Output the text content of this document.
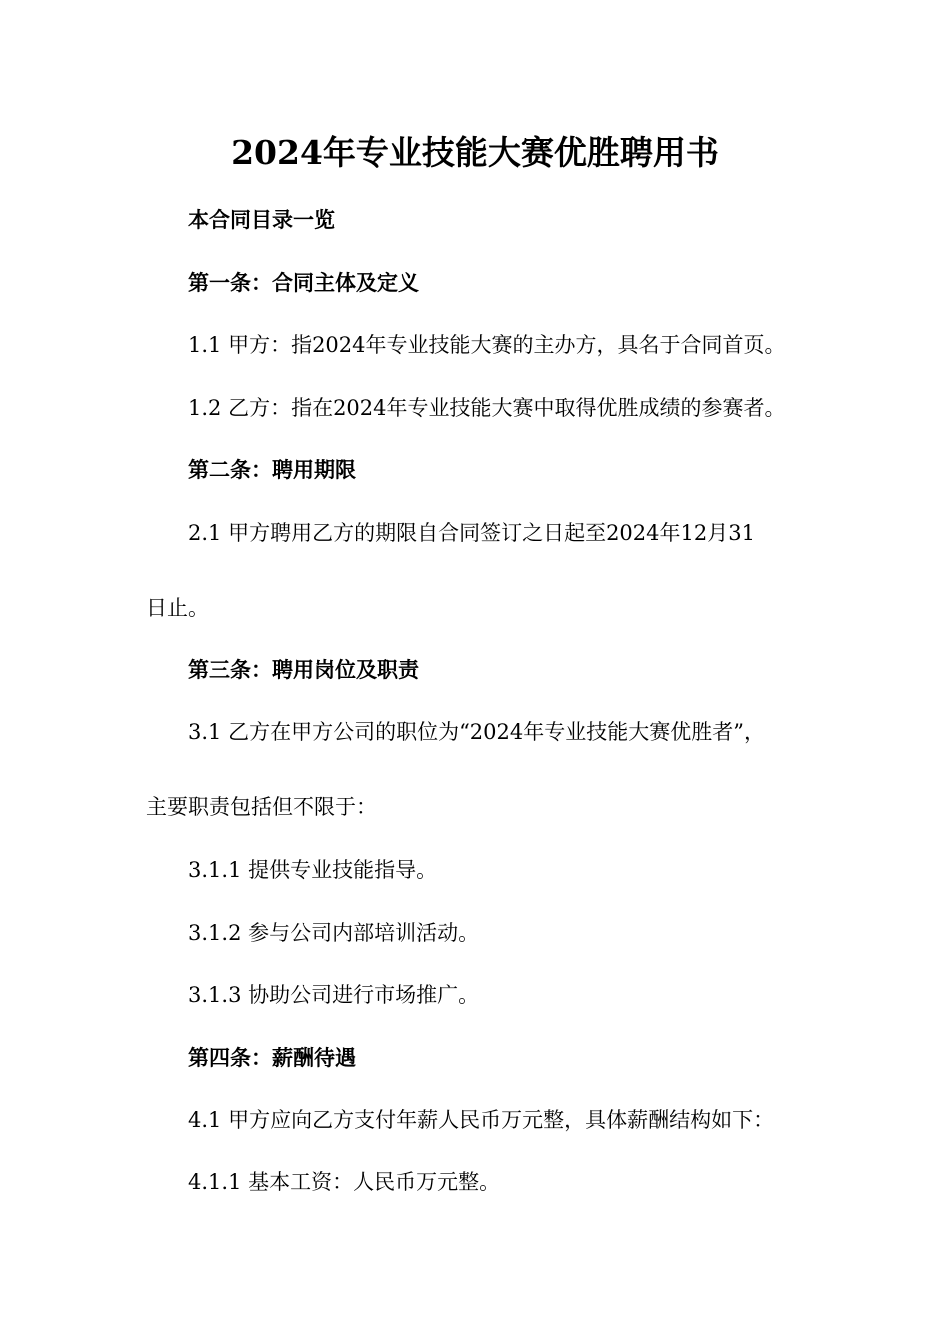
2024年专业技能大赛优胜聘用书

本合同目录一览

第一条：合同主体及定义

1.1 甲方：指2024年专业技能大赛的主办方，具名于合同首页。

1.2 乙方：指在2024年专业技能大赛中取得优胜成绩的参赛者。

第二条：聘用期限

2.1 甲方聘用乙方的期限自合同签订之日起至2024年12月31

日止。

第三条：聘用岗位及职责

3.1 乙方在甲方公司的职位为“2024年专业技能大赛优胜者”，

主要职责包括但不限于：

3.1.1 提供专业技能指导。

3.1.2 参与公司内部培训活动。

3.1.3 协助公司进行市场推广。

第四条：薪酬待遇

4.1 甲方应向乙方支付年薪人民币万元整，具体薪酬结构如下：

4.1.1 基本工资：人民币万元整。
